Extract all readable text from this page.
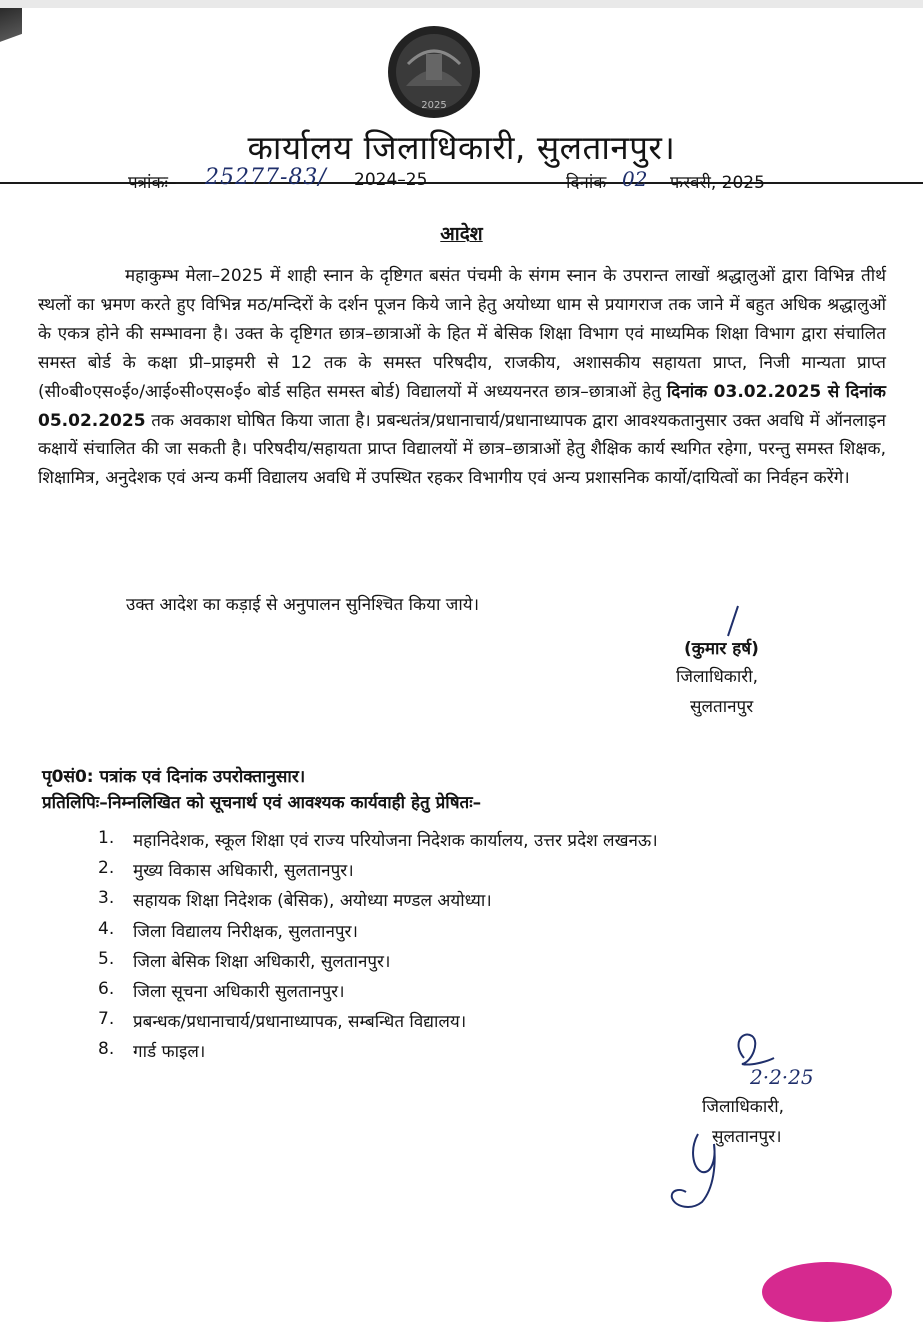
2025
कार्यालय जिलाधिकारी, सुलतानपुर।
पत्रांकः– 25277-83/ 2024–25	दिनांक 02 फरवरी, 2025
आदेश

महाकुम्भ मेला–2025 में शाही स्नान के दृष्टिगत बसंत पंचमी के संगम स्नान के उपरान्त लाखों श्रद्धालुओं द्वारा विभिन्न तीर्थ स्थलों का भ्रमण करते हुए विभिन्न मठ/मन्दिरों के दर्शन पूजन किये जाने हेतु अयोध्या धाम से प्रयागराज तक जाने में बहुत अधिक श्रद्धालुओं के एकत्र होने की सम्भावना है। उक्त के दृष्टिगत छात्र–छात्राओं के हित में बेसिक शिक्षा विभाग एवं माध्यमिक शिक्षा विभाग द्वारा संचालित समस्त बोर्ड के कक्षा प्री–प्राइमरी से 12 तक के समस्त परिषदीय, राजकीय, अशासकीय सहायता प्राप्त, निजी मान्यता प्राप्त (सी०बी०एस०ई०/आई०सी०एस०ई० बोर्ड सहित समस्त बोर्ड) विद्यालयों में अध्ययनरत छात्र–छात्राओं हेतु दिनांक 03.02.2025 से दिनांक 05.02.2025 तक अवकाश घोषित किया जाता है। प्रबन्धतंत्र/प्रधानाचार्य/प्रधानाध्यापक द्वारा आवश्यकतानुसार उक्त अवधि में ऑनलाइन कक्षायें संचालित की जा सकती है। परिषदीय/सहायता प्राप्त विद्यालयों में छात्र–छात्राओं हेतु शैक्षिक कार्य स्थगित रहेगा, परन्तु समस्त शिक्षक, शिक्षामित्र, अनुदेशक एवं अन्य कर्मी विद्यालय अवधि में उपस्थित रहकर विभागीय एवं अन्य प्रशासनिक कार्यो/दायित्वों का निर्वहन करेंगे।

उक्त आदेश का कड़ाई से अनुपालन सुनिश्चित किया जाये।
(कुमार हर्ष)
जिलाधिकारी,
सुलतानपुर
पृ0सं0: पत्रांक एवं दिनांक उपरोक्तानुसार।
प्रतिलिपिः–निम्नलिखित को सूचनार्थ एवं आवश्यक कार्यवाही हेतु प्रेषितः–
1.	महानिदेशक, स्कूल शिक्षा एवं राज्य परियोजना निदेशक कार्यालय, उत्तर प्रदेश लखनऊ।
2.	मुख्य विकास अधिकारी, सुलतानपुर।
3.	सहायक शिक्षा निदेशक (बेसिक), अयोध्या मण्डल अयोध्या।
4.	जिला विद्यालय निरीक्षक, सुलतानपुर।
5.	जिला बेसिक शिक्षा अधिकारी, सुलतानपुर।
6.	जिला सूचना अधिकारी सुलतानपुर।
7.	प्रबन्धक/प्रधानाचार्य/प्रधानाध्यापक, सम्बन्धित विद्यालय।
8.	गार्ड फाइल।
2·2·25
जिलाधिकारी,
सुलतानपुर।
